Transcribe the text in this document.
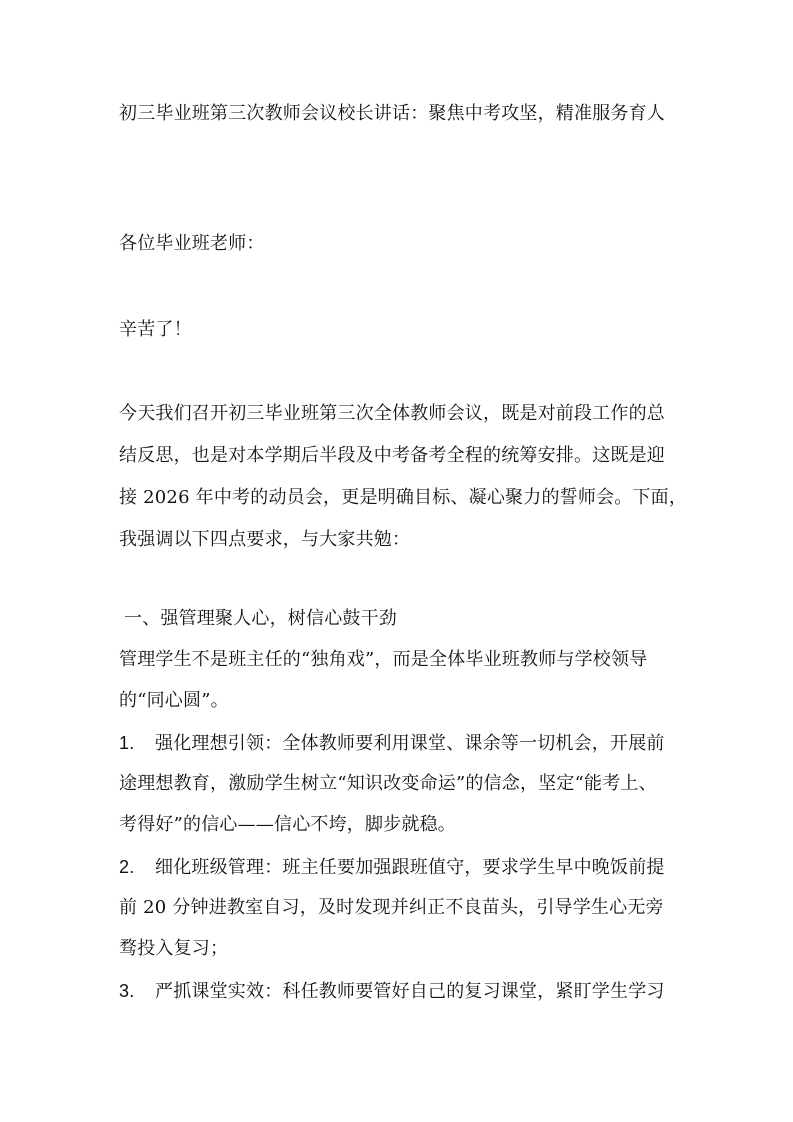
初三毕业班第三次教师会议校长讲话：聚焦中考攻坚，精准服务育人
各位毕业班老师：
辛苦了！
今天我们召开初三毕业班第三次全体教师会议，既是对前段工作的总
结反思，也是对本学期后半段及中考备考全程的统筹安排。这既是迎
接 2026 年中考的动员会，更是明确目标、凝心聚力的誓师会。下面，
我强调以下四点要求，与大家共勉：
一、强管理聚人心，树信心鼓干劲
管理学生不是班主任的“独角戏”，而是全体毕业班教师与学校领导
的“同心圆”。
1. 强化理想引领：全体教师要利用课堂、课余等一切机会，开展前
途理想教育，激励学生树立“知识改变命运”的信念，坚定“能考上、
考得好”的信心——信心不垮，脚步就稳。
2. 细化班级管理：班主任要加强跟班值守，要求学生早中晚饭前提
前 20 分钟进教室自习，及时发现并纠正不良苗头，引导学生心无旁
骛投入复习；
3. 严抓课堂实效：科任教师要管好自己的复习课堂，紧盯学生学习
